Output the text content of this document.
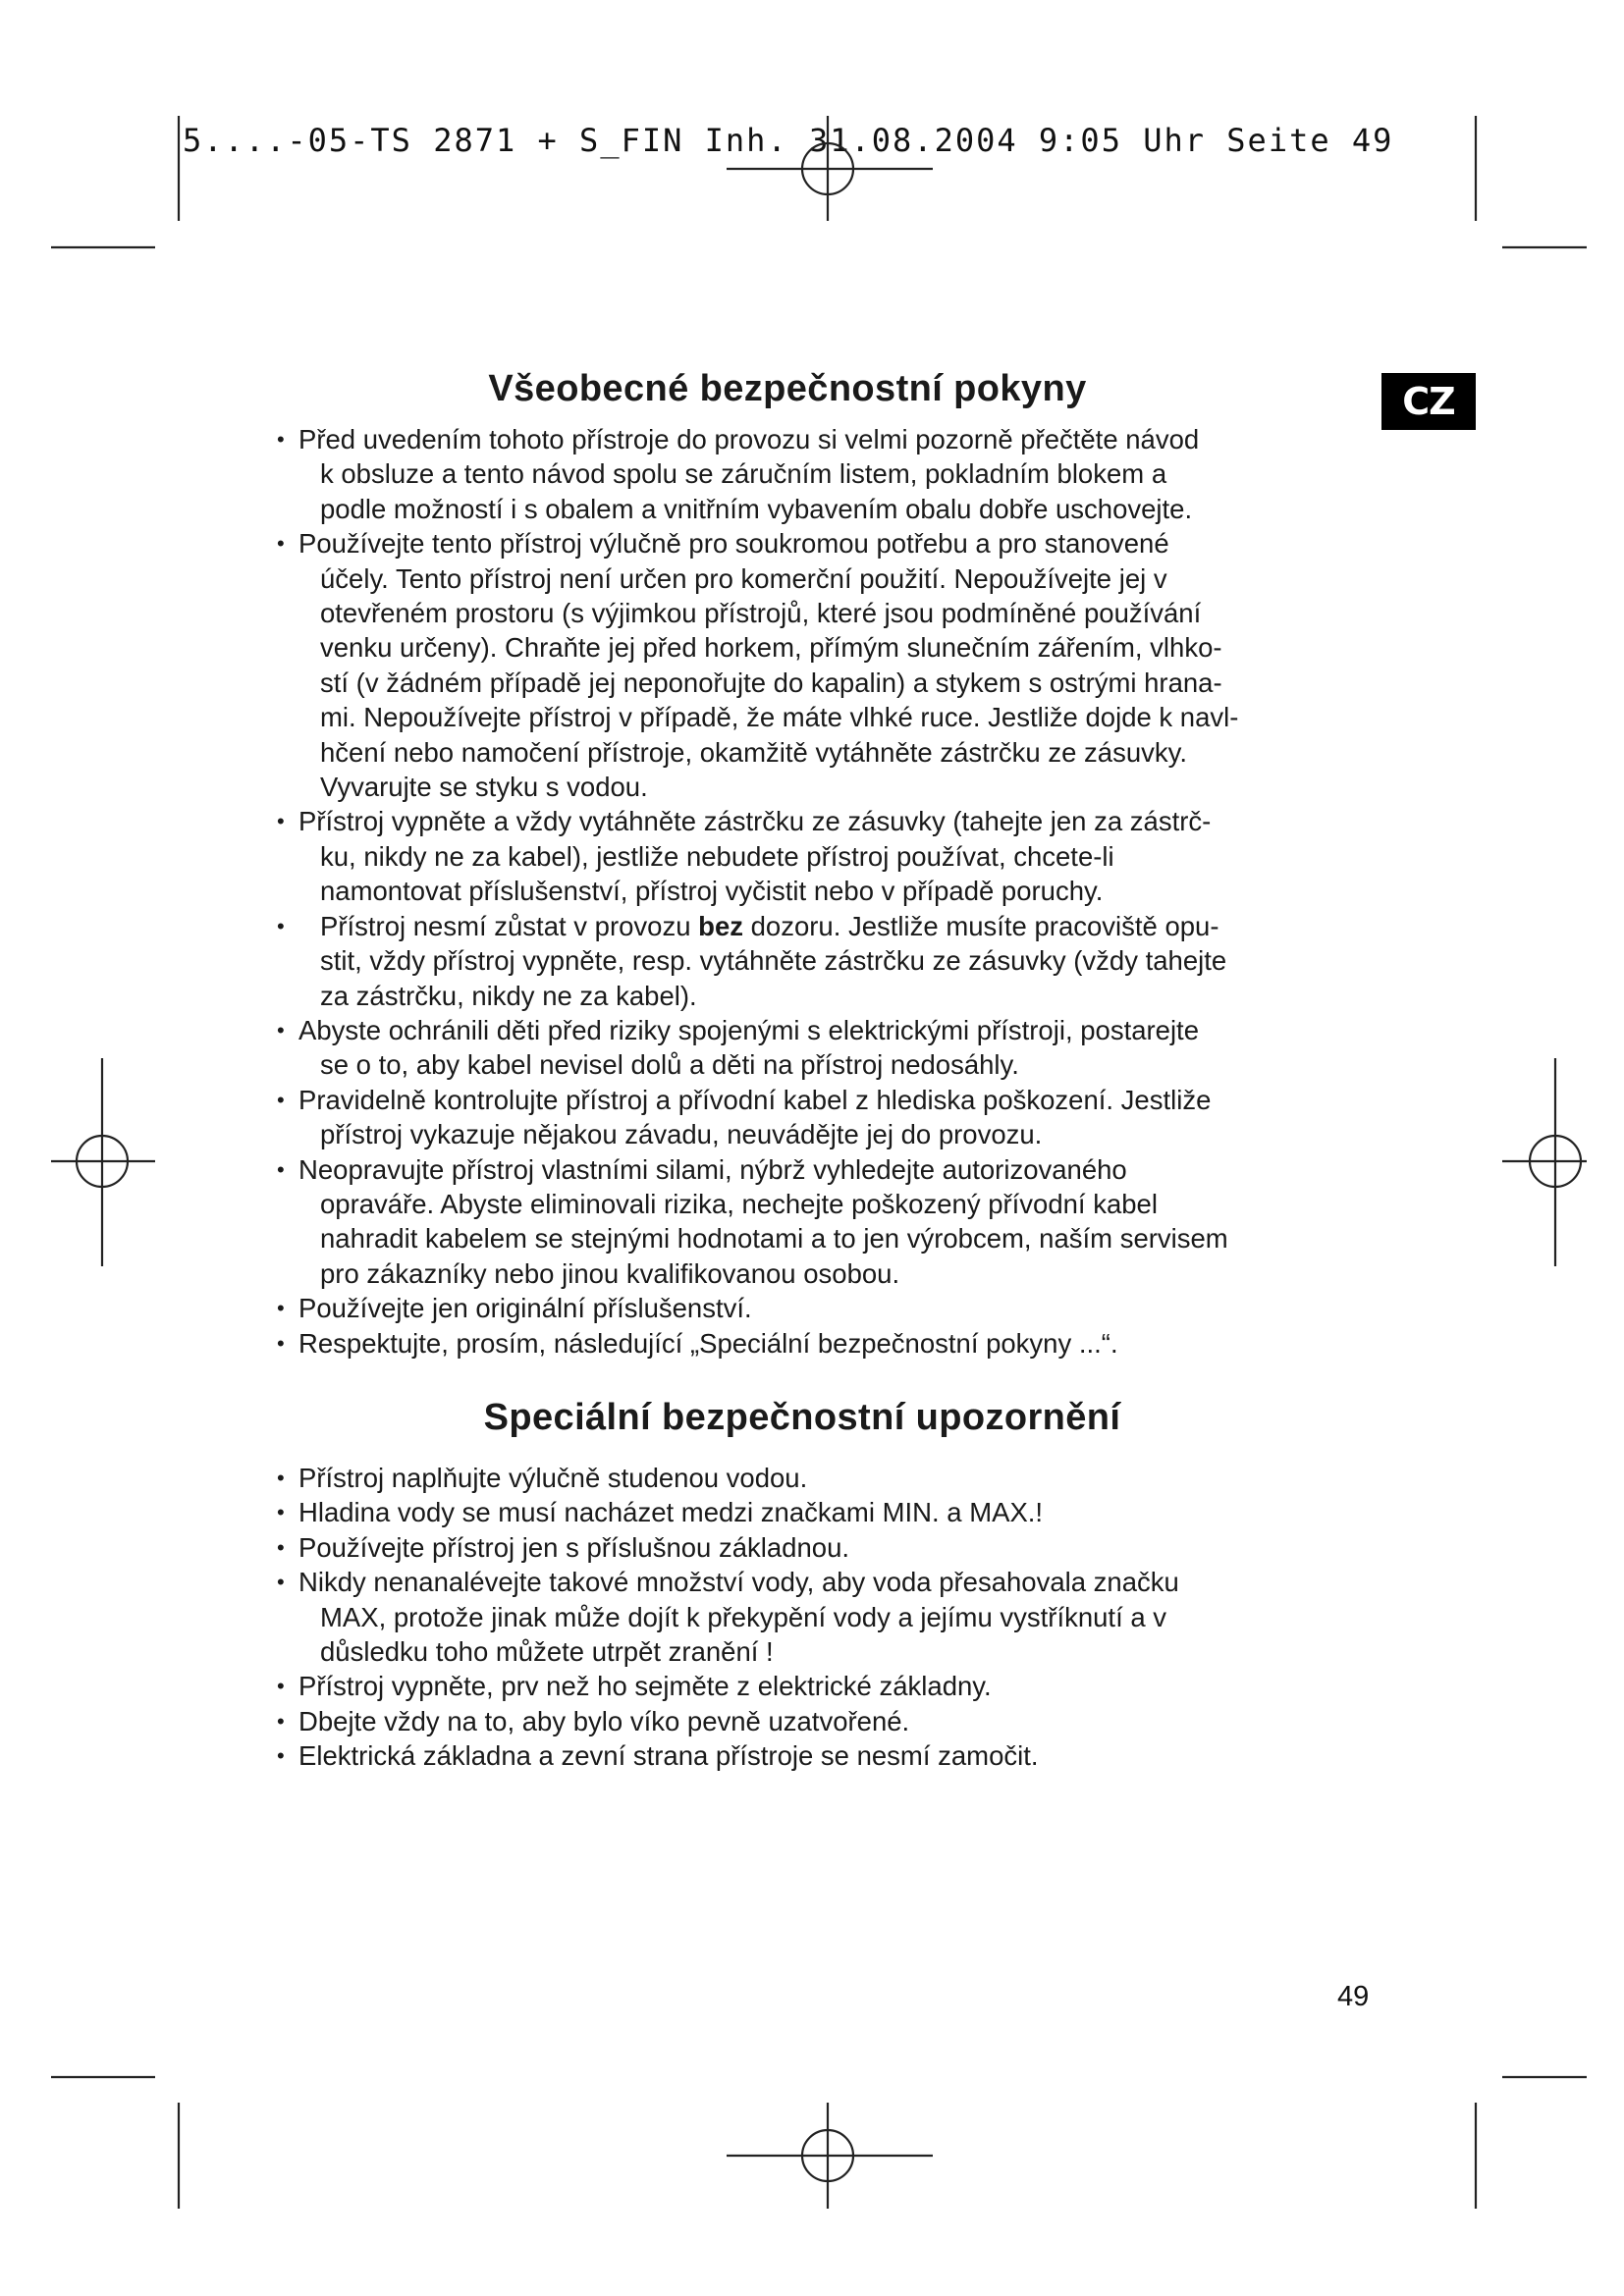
5....-05-TS 2871 + S_FIN Inh. 31.08.2004 9:05 Uhr Seite 49
CZ
Všeobecné bezpečnostní pokyny
• Před uvedením tohoto přístroje do provozu si velmi pozorně přečtěte návod
k obsluze a tento návod spolu se záručním listem, pokladním blokem a
podle možností i s obalem a vnitřním vybavením obalu dobře uschovejte.
• Používejte tento přístroj výlučně pro soukromou potřebu a pro stanovené
účely. Tento přístroj není určen pro komerční použití. Nepoužívejte jej v
otevřeném prostoru (s výjimkou přístrojů, které jsou podmíněné používání
venku určeny). Chraňte jej před horkem, přímým slunečním zářením, vlhko-
stí (v žádném případě jej neponořujte do kapalin) a stykem s ostrými hrana-
mi. Nepoužívejte přístroj v případě, že máte vlhké ruce. Jestliže dojde k navl-
hčení nebo namočení přístroje, okamžitě vytáhněte zástrčku ze zásuvky.
Vyvarujte se styku s vodou.
• Přístroj vypněte a vždy vytáhněte zástrčku ze zásuvky (tahejte jen za zástrč-
ku, nikdy ne za kabel), jestliže nebudete přístroj používat, chcete-li
namontovat příslušenství, přístroj vyčistit nebo v případě poruchy.
• Přístroj nesmí zůstat v provozu bez dozoru. Jestliže musíte pracoviště opu-
stit, vždy přístroj vypněte, resp. vytáhněte zástrčku ze zásuvky (vždy tahejte
za zástrčku, nikdy ne za kabel).
• Abyste ochránili děti před riziky spojenými s elektrickými přístroji, postarejte
se o to, aby kabel nevisel dolů a děti na přístroj nedosáhly.
• Pravidelně kontrolujte přístroj a přívodní kabel z hlediska poškození. Jestliže
přístroj vykazuje nějakou závadu, neuvádějte jej do provozu.
• Neopravujte přístroj vlastními silami, nýbrž vyhledejte autorizovaného
opraváře. Abyste eliminovali rizika, nechejte poškozený přívodní kabel
nahradit kabelem se stejnými hodnotami a to jen výrobcem, naším servisem
pro zákazníky nebo jinou kvalifikovanou osobou.
• Používejte jen originální příslušenství.
• Respektujte, prosím, následující „Speciální bezpečnostní pokyny ...“.
Speciální bezpečnostní upozornění
• Přístroj naplňujte výlučně studenou vodou.
• Hladina vody se musí nacházet medzi značkami MIN. a MAX.!
• Používejte přístroj jen s příslušnou základnou.
• Nikdy nenanalévejte takové množství vody, aby voda přesahovala značku
MAX, protože jinak může dojít k překypění vody a jejímu vystříknutí a v
důsledku toho můžete utrpět zranění !
• Přístroj vypněte, prv než ho sejměte z elektrické základny.
• Dbejte vždy na to, aby bylo víko pevně uzatvořené.
• Elektrická základna a zevní strana přístroje se nesmí zamočit.
49
